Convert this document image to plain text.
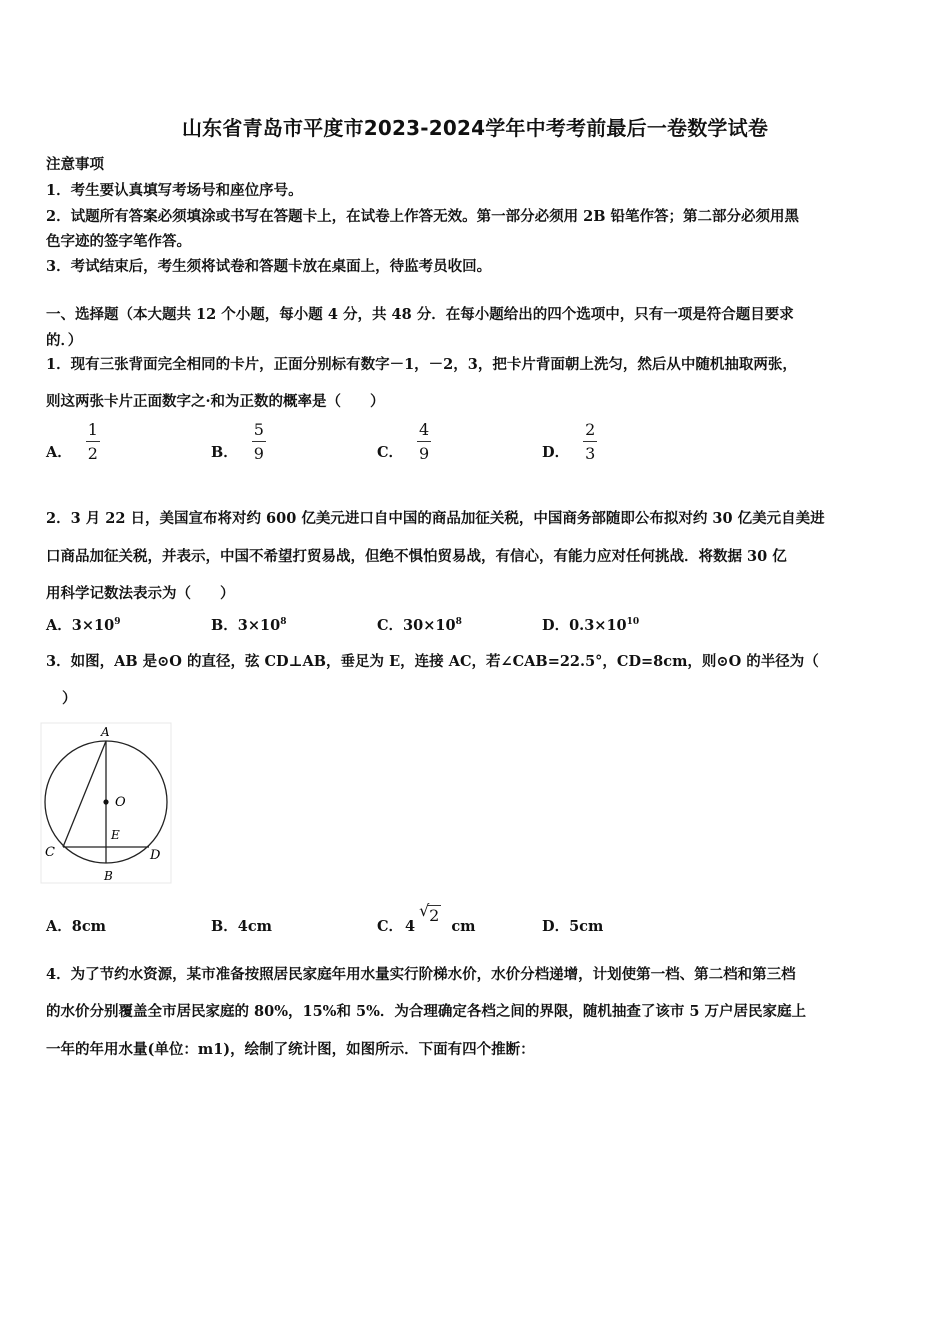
山东省青岛市平度市2023-2024学年中考考前最后一卷数学试卷
注意事项
1．考生要认真填写考场号和座位序号。
2．试题所有答案必须填涂或书写在答题卡上，在试卷上作答无效。第一部分必须用 2B 铅笔作答；第二部分必须用黑
色字迹的签字笔作答。
3．考试结束后，考生须将试卷和答题卡放在桌面上，待监考员收回。
一、选择题（本大题共 12 个小题，每小题 4 分，共 48 分．在每小题给出的四个选项中，只有一项是符合题目要求
的．）
1．现有三张背面完全相同的卡片，正面分别标有数字－1，－2，3，把卡片背面朝上洗匀，然后从中随机抽取两张，
则这两张卡片正面数字之·和为正数的概率是（　　）
A． $\frac{1}{2}$	B． $\frac{5}{9}$	C． $\frac{4}{9}$	D． $\frac{2}{3}$
2．3 月 22 日，美国宣布将对约 600 亿美元进口自中国的商品加征关税，中国商务部随即公布拟对约 30 亿美元自美进
口商品加征关税，并表示，中国不希望打贸易战，但绝不惧怕贸易战，有信心，有能力应对任何挑战．将数据 30 亿
用科学记数法表示为（　　）
A．$3\times 10^9$	B．$3\times 10^8$	C．$30\times 10^8$	D．$0.3\times 10^{10}$
3．如图，AB 是⊙O 的直径，弦 CD⊥AB，垂足为 E，连接 AC，若∠CAB=22.5°，CD=8cm，则⊙O 的半径为（
）
A
O
E
C	D
B
A．8cm	B．4cm	C． 4
√ 2cm	D．5cm
4．为了节约水资源，某市准备按照居民家庭年用水量实行阶梯水价，水价分档递增，计划使第一档、第二档和第三档
的水价分别覆盖全市居民家庭的 80%，15%和 5%．为合理确定各档之间的界限，随机抽查了该市 5 万户居民家庭上
一年的年用水量(单位：m1)，绘制了统计图，如图所示．下面有四个推断：
